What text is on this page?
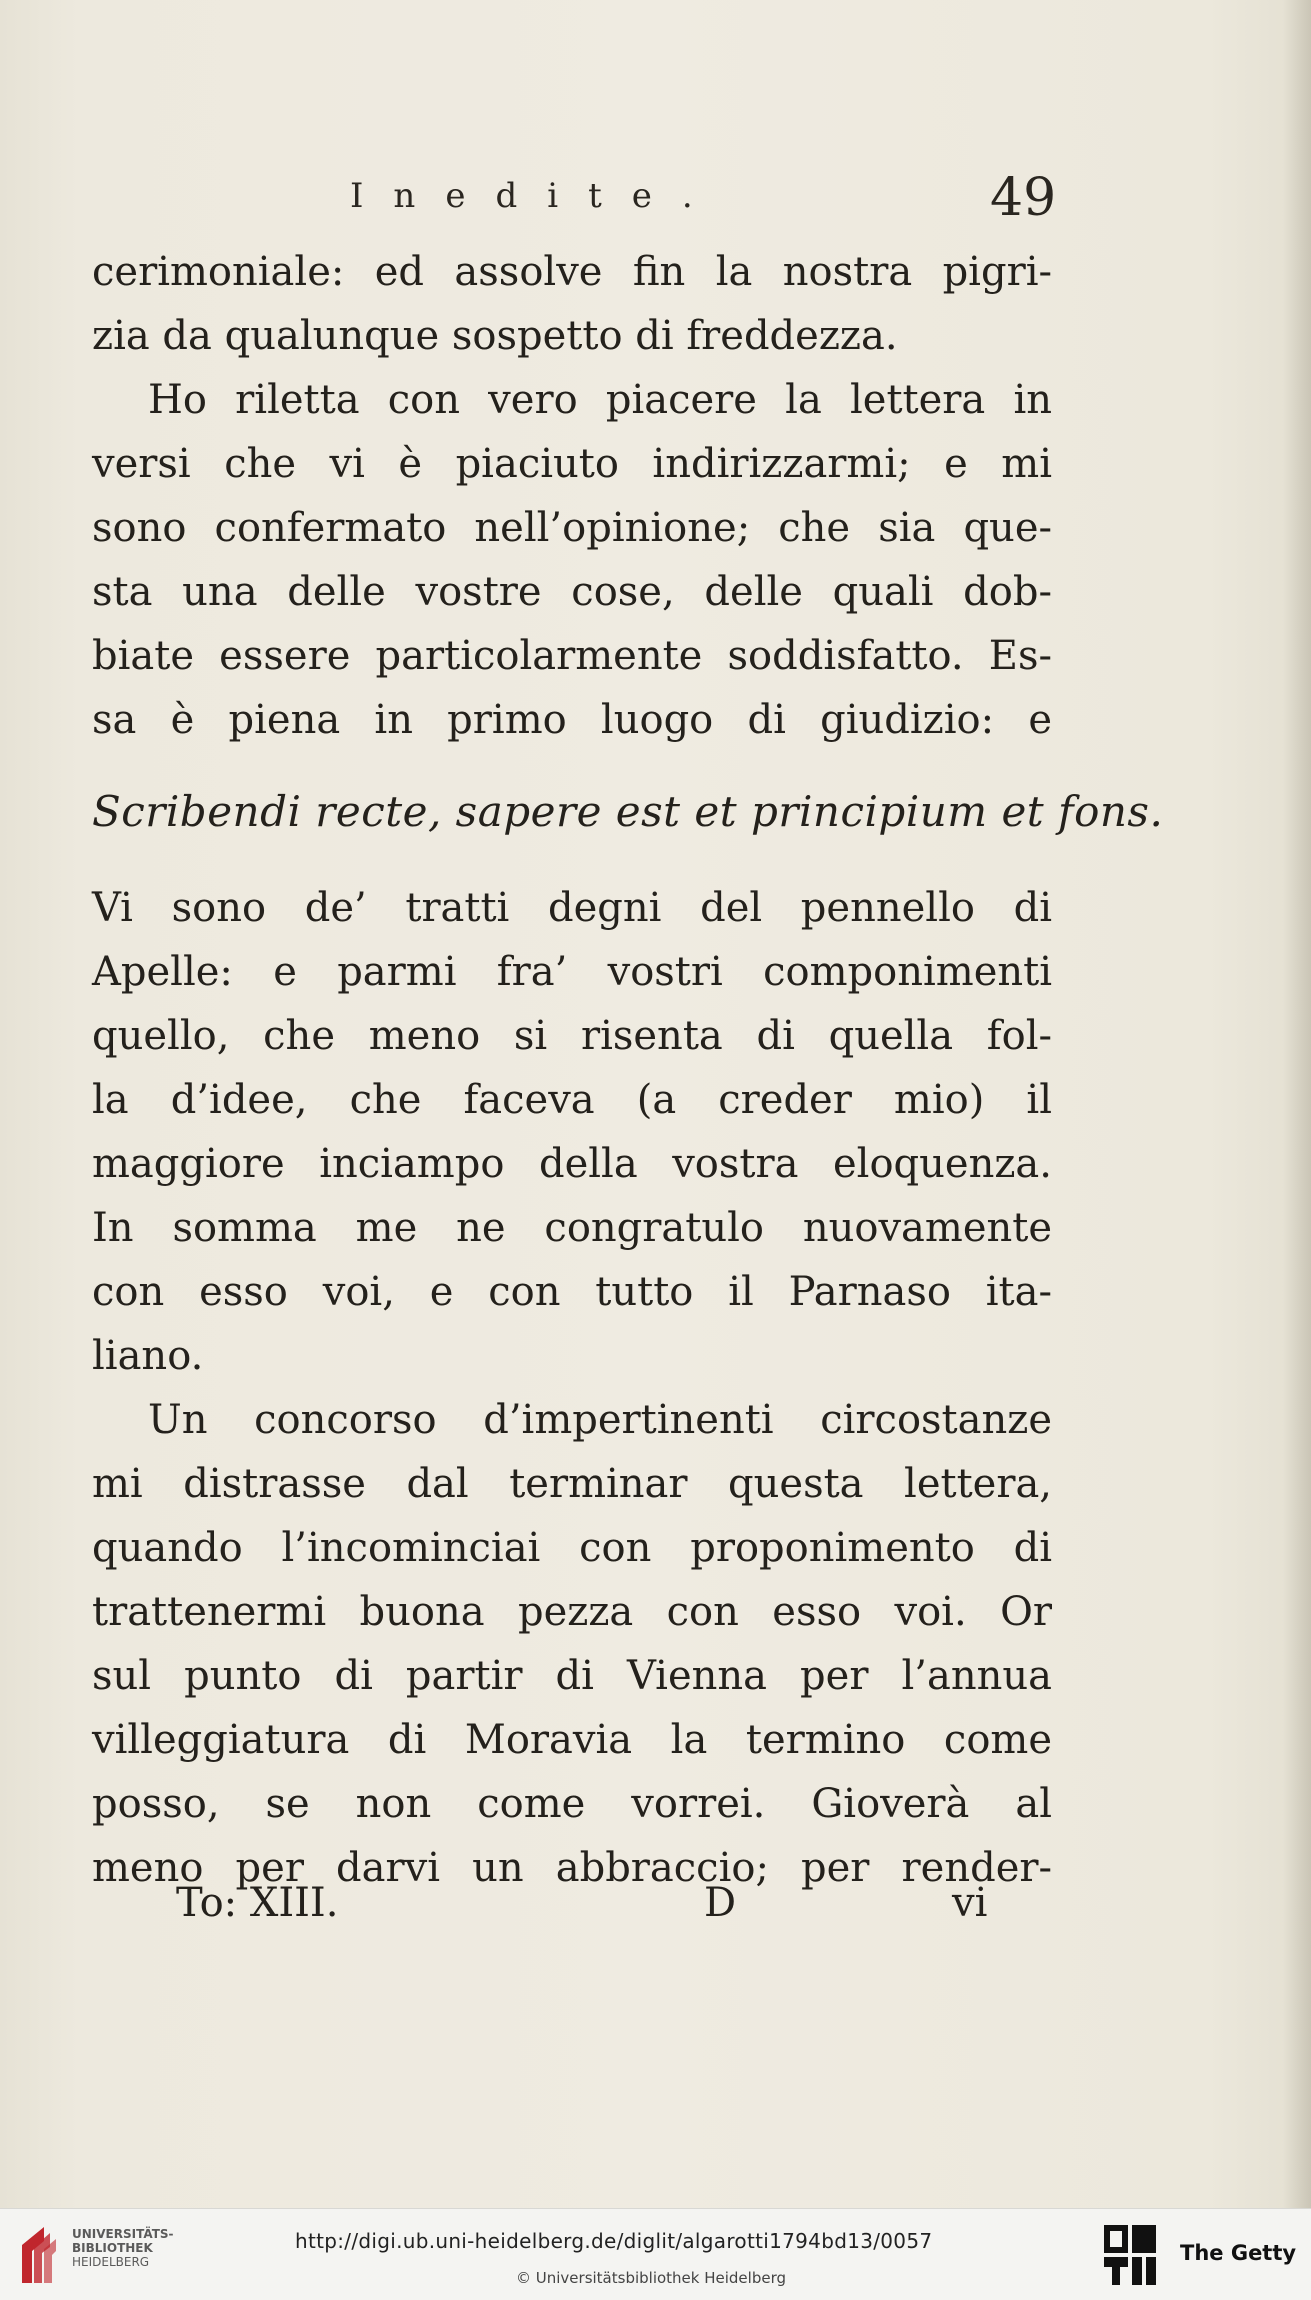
Inedite.	49
cerimoniale: ed assolve fin la nostra pigri-
zia da qualunque sospetto di freddezza.
Ho riletta con vero piacere la lettera in
versi che vi è piaciuto indirizzarmi; e mi
sono confermato nell’opinione; che sia que-
sta una delle vostre cose, delle quali dob-
biate essere particolarmente soddisfatto. Es-
sa è piena in primo luogo di giudizio: e
Scribendi recte, sapere est et principium et fons.
Vi sono de’ tratti degni del pennello di
Apelle: e parmi fra’ vostri componimenti
quello, che meno si risenta di quella fol-
la d’idee, che faceva (a creder mio) il
maggiore inciampo della vostra eloquenza.
In somma me ne congratulo nuovamente
con esso voi, e con tutto il Parnaso ita-
liano.
Un concorso d’impertinenti circostanze
mi distrasse dal terminar questa lettera,
quando l’incominciai con proponimento di
trattenermi buona pezza con esso voi. Or
sul punto di partir di Vienna per l’annua
villeggiatura di Moravia la termino come
posso, se non come vorrei. Gioverà al
meno per darvi un abbraccio; per render-
To: XIII.	D	vi
UNIVERSITÄTS-
BIBLIOTHEK
HEIDELBERG
http://digi.ub.uni-heidelberg.de/diglit/algarotti1794bd13/0057
© Universitätsbibliothek Heidelberg
The Getty
